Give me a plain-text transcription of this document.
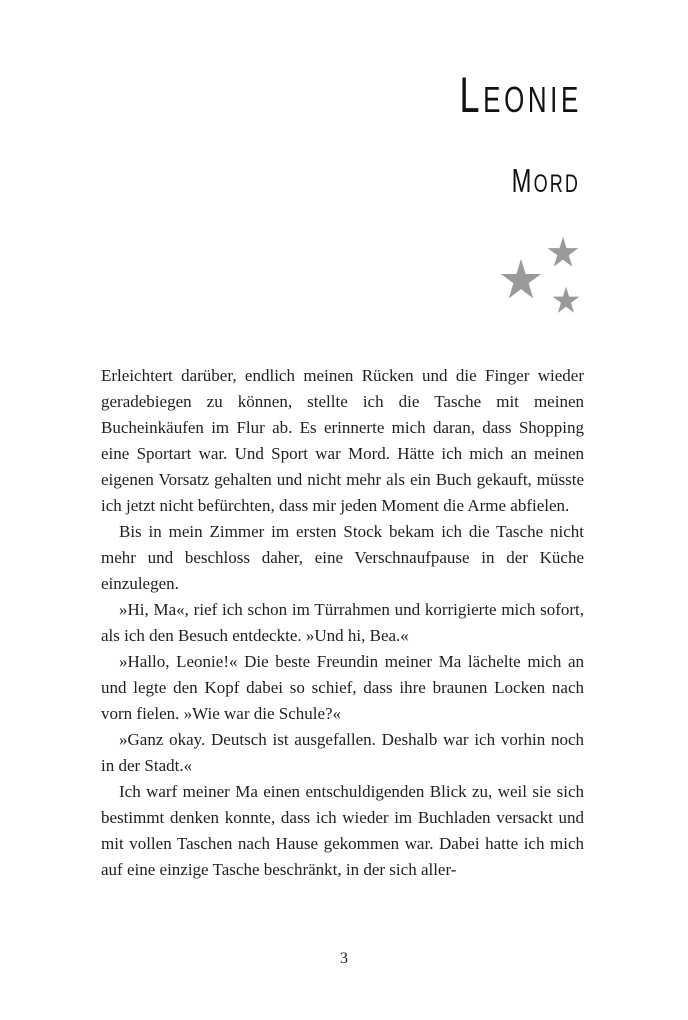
LEONIE
MORD

Erleichtert darüber, endlich meinen Rücken und die Finger wieder geradebiegen zu können, stellte ich die Tasche mit meinen Bucheinkäufen im Flur ab. Es erinnerte mich daran, dass Shopping eine Sportart war. Und Sport war Mord. Hätte ich mich an meinen eigenen Vorsatz gehalten und nicht mehr als ein Buch gekauft, müsste ich jetzt nicht befürchten, dass mir jeden Moment die Arme abfielen.

Bis in mein Zimmer im ersten Stock bekam ich die Tasche nicht mehr und beschloss daher, eine Verschnaufpause in der Küche einzulegen.

»Hi, Ma«, rief ich schon im Türrahmen und korrigierte mich sofort, als ich den Besuch entdeckte. »Und hi, Bea.«

»Hallo, Leonie!« Die beste Freundin meiner Ma lächelte mich an und legte den Kopf dabei so schief, dass ihre braunen Locken nach vorn fielen. »Wie war die Schule?«

»Ganz okay. Deutsch ist ausgefallen. Deshalb war ich vorhin noch in der Stadt.«

Ich warf meiner Ma einen entschuldigenden Blick zu, weil sie sich bestimmt denken konnte, dass ich wieder im Buchladen versackt und mit vollen Taschen nach Hause gekommen war. Dabei hatte ich mich auf eine einzige Tasche beschränkt, in der sich aller-

3
